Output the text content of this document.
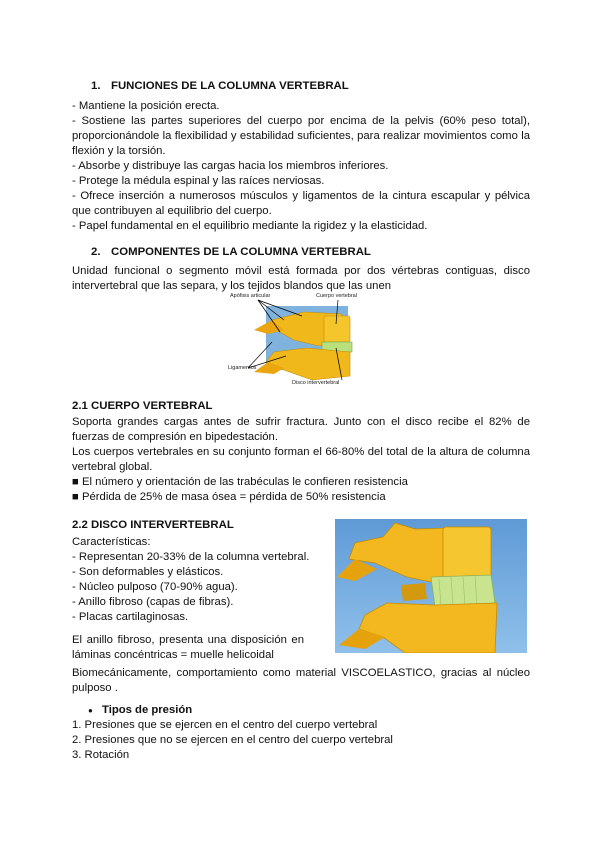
1. FUNCIONES DE LA COLUMNA VERTEBRAL
- Mantiene la posición erecta.
- Sostiene las partes superiores del cuerpo por encima de la pelvis (60% peso total), proporcionándole la flexibilidad y estabilidad suficientes, para realizar movimientos como la flexión y la torsión.
- Absorbe y distribuye las cargas hacia los miembros inferiores.
- Protege la médula espinal y las raíces nerviosas.
- Ofrece inserción a numerosos músculos y ligamentos de la cintura escapular y pélvica que contribuyen al equilibrio del cuerpo.
- Papel fundamental en el equilibrio mediante la rigidez y la elasticidad.
2. COMPONENTES DE LA COLUMNA VERTEBRAL
Unidad funcional o segmento móvil está formada por dos vértebras contiguas, disco intervertebral que las separa, y los tejidos blandos que las unen
Apófisis articular	Cuerpo vertebral
Ligamentos
Disco intervertebral
2.1 CUERPO VERTEBRAL
Soporta grandes cargas antes de sufrir fractura. Junto con el disco recibe el 82% de fuerzas de compresión en bipedestación.
Los cuerpos vertebrales en su conjunto forman el 66-80% del total de la altura de columna vertebral global.
■ El número y orientación de las trabéculas le confieren resistencia
■ Pérdida de 25% de masa ósea = pérdida de 50% resistencia
2.2 DISCO INTERVERTEBRAL
Características:
- Representan 20-33% de la columna vertebral.
- Son deformables y elásticos.
- Núcleo pulposo (70-90% agua).
- Anillo fibroso (capas de fibras).
- Placas cartilaginosas.
El anillo fibroso, presenta una disposición en láminas concéntricas = muelle helicoidal
Biomecánicamente, comportamiento como material VISCOELASTICO, gracias al núcleo pulposo .
● Tipos de presión
1. Presiones que se ejercen en el centro del cuerpo vertebral
2. Presiones que no se ejercen en el centro del cuerpo vertebral
3. Rotación
